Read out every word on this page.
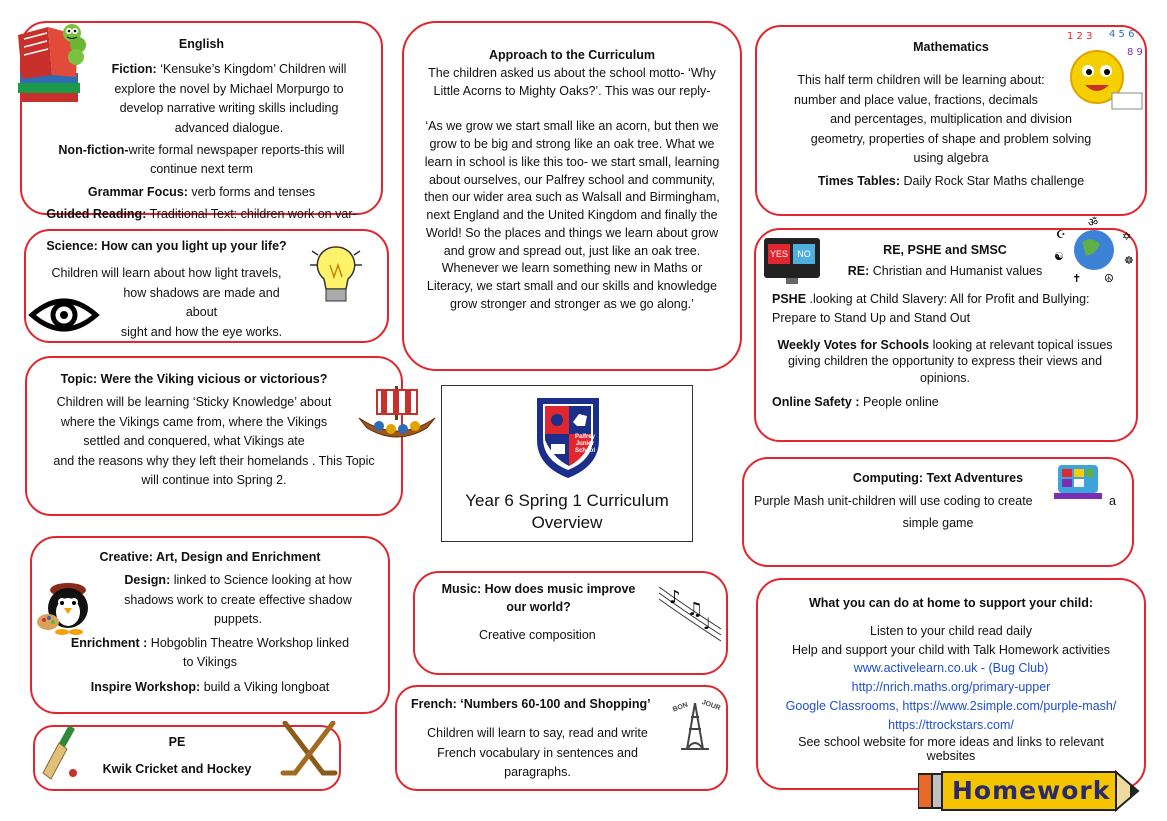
English

Fiction: ‘Kensuke’s Kingdom’ Children will explore the novel by Michael Morpurgo to develop narrative writing skills including advanced dialogue.

Non-fiction-write formal newspaper reports-this will continue next term

Grammar Focus: verb forms and tenses

Guided Reading: Traditional Text: children work on var-

Approach to the Curriculum

The children asked us about the school motto- ‘Why Little Acorns to Mighty Oaks?’. This was our reply-

‘As we grow we start small like an acorn, but then we grow to be big and strong like an oak tree. What we learn in school is like this too- we start small, learning about ourselves, our Palfrey school and community, then our wider area such as Walsall and Birmingham, next England and the United Kingdom and finally the World! So the places and things we learn about grow and grow and spread out, just like an oak tree.

Whenever we learn something new in Maths or Literacy, we start small and our skills and knowledge grow stronger and stronger as we go along.’

1 2 3 4 5 6
8 9

Mathematics

This half term children will be learning about:

number and place value, fractions, decimals

and percentages, multiplication and division

geometry, properties of shape and problem solving using algebra

Times Tables: Daily Rock Star Maths challenge

Science: How can you light up your life?

Children will learn about how light travels,

how shadows are made and about

sight and how the eye works.

YES	NO
☪	✡
☯	☸
✝ ☮
ॐ

RE, PSHE and SMSC

RE: Christian and Humanist values

PSHE .looking at Child Slavery: All for Profit and Bullying: Prepare to Stand Up and Stand Out

Weekly Votes for Schools looking at relevant topical issues giving children the opportunity to express their views and opinions.

Online Safety : People online

Topic: Were the Viking vicious or victorious?

Children will be learning ‘Sticky Knowledge’ about where the Vikings came from, where the Vikings settled and conquered, what Vikings ate

and the reasons why they left their homelands . This Topic will continue into Spring 2.

Palfrey Junior School

Year 6 Spring 1 Curriculum Overview

Computing: Text Adventures

Purple Mash unit-children will use coding to create	a

simple game

Creative: Art, Design and Enrichment

Design: linked to Science looking at how shadows work to create effective shadow puppets.

Enrichment : Hobgoblin Theatre Workshop linked to Vikings

Inspire Workshop: build a Viking longboat

♪
♫
♩

Music: How does music improve our world?

Creative composition

What you can do at home to support your child:

Listen to your child read daily

Help and support your child with Talk Homework activities

www.activelearn.co.uk - (Bug Club)

http://nrich.maths.org/primary-upper

Google Classrooms, https://www.2simple.com/purple-mash/

https://ttrockstars.com/

See school website for more ideas and links to relevant websites

Homework

PE

Kwik Cricket and Hockey

BON JOUR

French: ‘Numbers 60-100 and Shopping’

Children will learn to say, read and write French vocabulary in sentences and paragraphs.
